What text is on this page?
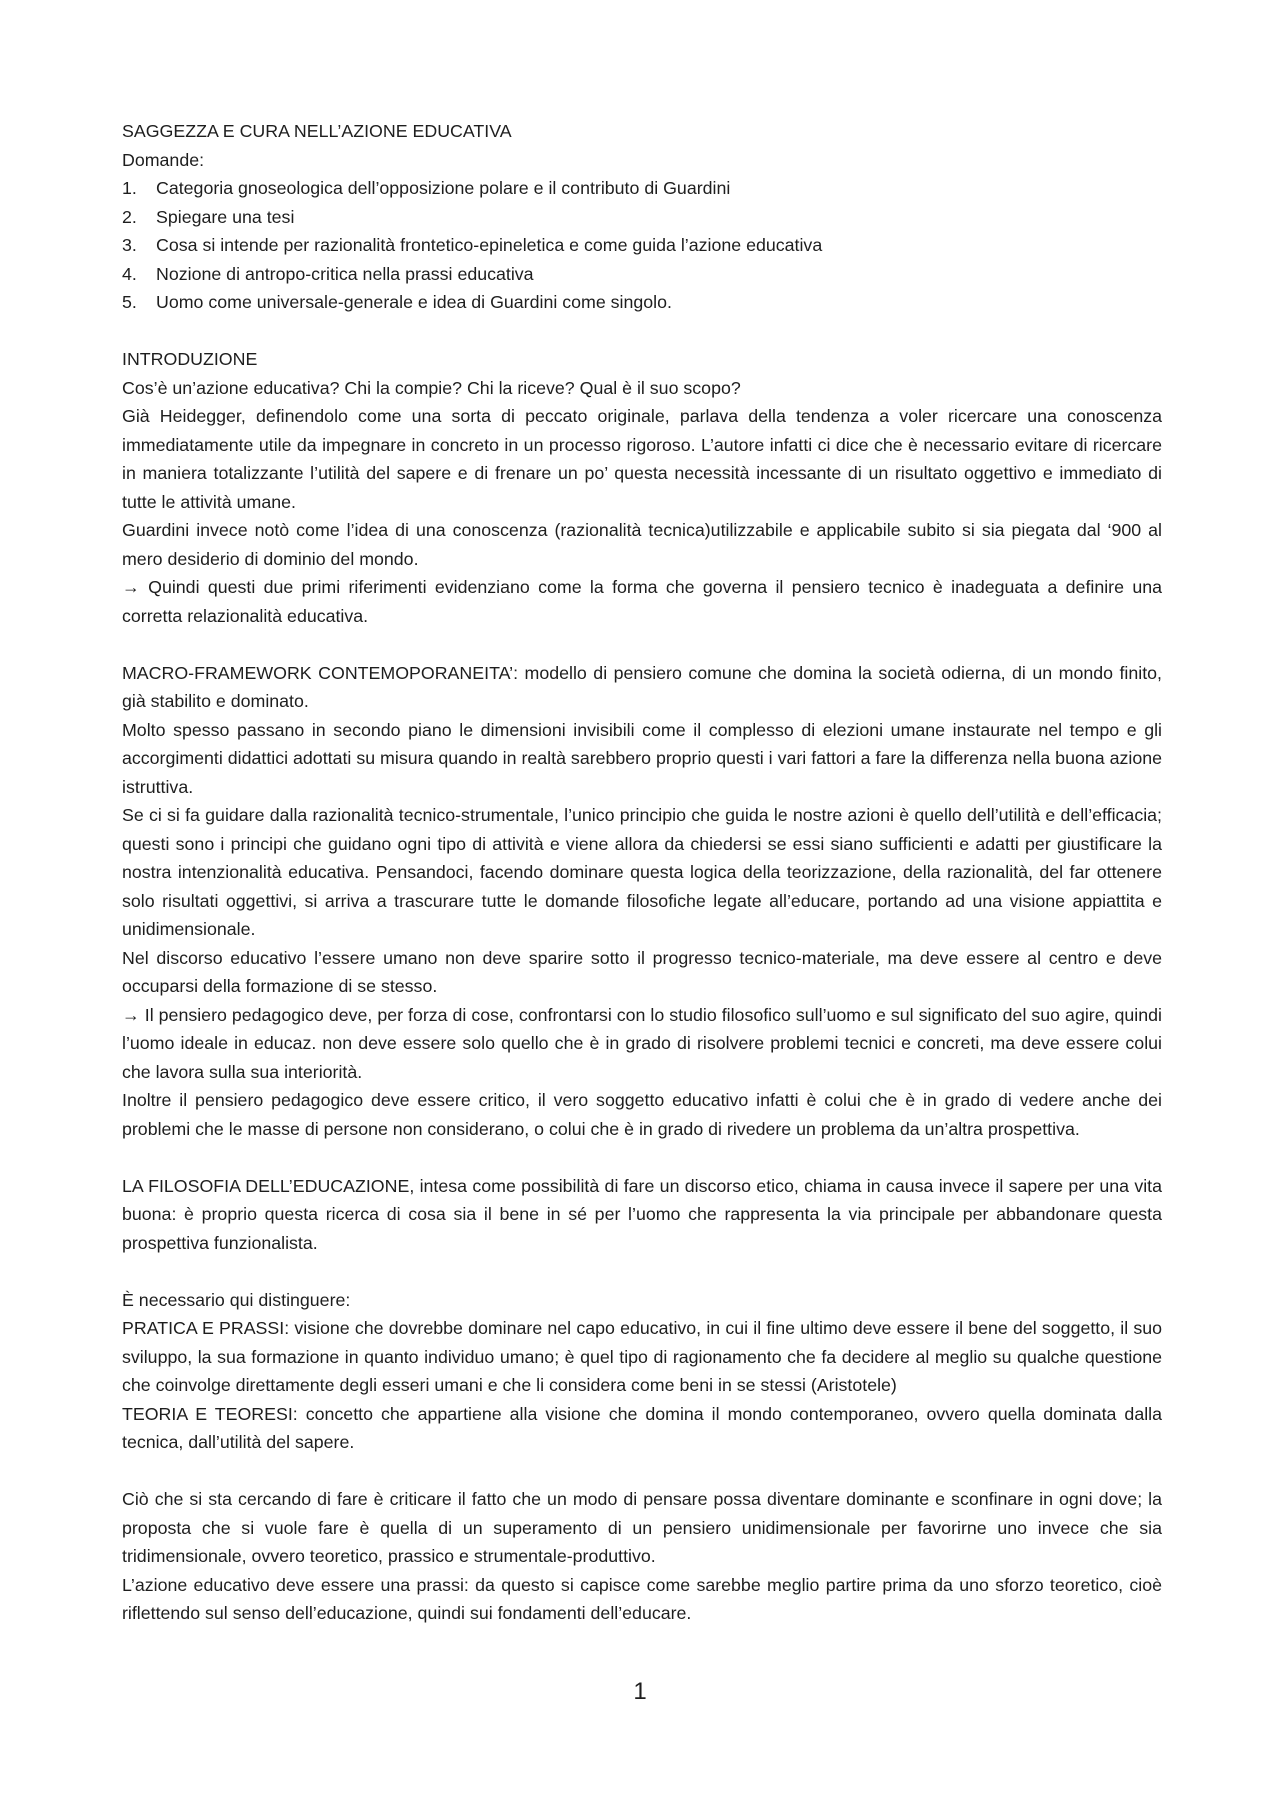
SAGGEZZA E CURA NELL’AZIONE EDUCATIVA
Domande:
1. Categoria gnoseologica dell’opposizione polare e il contributo di Guardini
2. Spiegare una tesi
3. Cosa si intende per razionalità frontetico-epineletica e come guida l’azione educativa
4. Nozione di antropo-critica nella prassi educativa
5. Uomo come universale-generale e idea di Guardini come singolo.
INTRODUZIONE

Cos’è un’azione educativa? Chi la compie? Chi la riceve? Qual è il suo scopo?

Già Heidegger, definendolo come una sorta di peccato originale, parlava della tendenza a voler ricercare una conoscenza immediatamente utile da impegnare in concreto in un processo rigoroso. L’autore infatti ci dice che è necessario evitare di ricercare in maniera totalizzante l’utilità del sapere e di frenare un po’ questa necessità incessante di un risultato oggettivo e immediato di tutte le attività umane.

Guardini invece notò come l’idea di una conoscenza (razionalità tecnica)utilizzabile e applicabile subito si sia piegata dal ‘900 al mero desiderio di dominio del mondo.

→ Quindi questi due primi riferimenti evidenziano come la forma che governa il pensiero tecnico è inadeguata a definire una corretta relazionalità educativa.

MACRO-FRAMEWORK CONTEMOPORANEITA’: modello di pensiero comune che domina la società odierna, di un mondo finito, già stabilito e dominato.

Molto spesso passano in secondo piano le dimensioni invisibili come il complesso di elezioni umane instaurate nel tempo e gli accorgimenti didattici adottati su misura quando in realtà sarebbero proprio questi i vari fattori a fare la differenza nella buona azione istruttiva.

Se ci si fa guidare dalla razionalità tecnico-strumentale, l’unico principio che guida le nostre azioni è quello dell’utilità e dell’efficacia; questi sono i principi che guidano ogni tipo di attività e viene allora da chiedersi se essi siano sufficienti e adatti per giustificare la nostra intenzionalità educativa. Pensandoci, facendo dominare questa logica della teorizzazione, della razionalità, del far ottenere solo risultati oggettivi, si arriva a trascurare tutte le domande filosofiche legate all’educare, portando ad una visione appiattita e unidimensionale.

Nel discorso educativo l’essere umano non deve sparire sotto il progresso tecnico-materiale, ma deve essere al centro e deve occuparsi della formazione di se stesso.

→ Il pensiero pedagogico deve, per forza di cose, confrontarsi con lo studio filosofico sull’uomo e sul significato del suo agire, quindi l’uomo ideale in educaz. non deve essere solo quello che è in grado di risolvere problemi tecnici e concreti, ma deve essere colui che lavora sulla sua interiorità.

Inoltre il pensiero pedagogico deve essere critico, il vero soggetto educativo infatti è colui che è in grado di vedere anche dei problemi che le masse di persone non considerano, o colui che è in grado di rivedere un problema da un’altra prospettiva.

LA FILOSOFIA DELL’EDUCAZIONE, intesa come possibilità di fare un discorso etico, chiama in causa invece il sapere per una vita buona: è proprio questa ricerca di cosa sia il bene in sé per l’uomo che rappresenta la via principale per abbandonare questa prospettiva funzionalista.

È necessario qui distinguere:

PRATICA E PRASSI: visione che dovrebbe dominare nel capo educativo, in cui il fine ultimo deve essere il bene del soggetto, il suo sviluppo, la sua formazione in quanto individuo umano; è quel tipo di ragionamento che fa decidere al meglio su qualche questione che coinvolge direttamente degli esseri umani e che li considera come beni in se stessi (Aristotele)

TEORIA E TEORESI: concetto che appartiene alla visione che domina il mondo contemporaneo, ovvero quella dominata dalla tecnica, dall’utilità del sapere.

Ciò che si sta cercando di fare è criticare il fatto che un modo di pensare possa diventare dominante e sconfinare in ogni dove; la proposta che si vuole fare è quella di un superamento di un pensiero unidimensionale per favorirne uno invece che sia tridimensionale, ovvero teoretico, prassico e strumentale-produttivo.

L’azione educativo deve essere una prassi: da questo si capisce come sarebbe meglio partire prima da uno sforzo teoretico, cioè riflettendo sul senso dell’educazione, quindi sui fondamenti dell’educare.

1
